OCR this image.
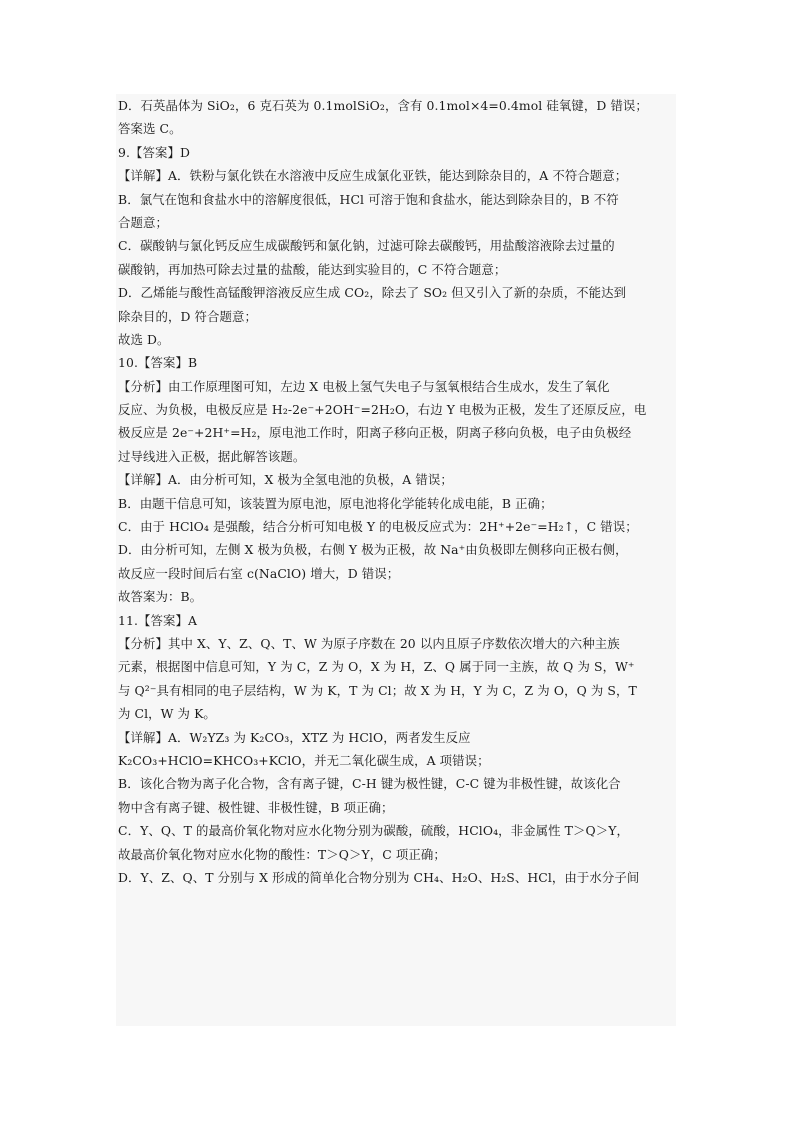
D．石英晶体为 SiO₂，6 克石英为 0.1molSiO₂，含有 0.1mol×4=0.4mol 硅氧键，D 错误；
答案选 C。
9.【答案】D
【详解】A．铁粉与氯化铁在水溶液中反应生成氯化亚铁，能达到除杂目的，A 不符合题意；
B．氯气在饱和食盐水中的溶解度很低，HCl 可溶于饱和食盐水，能达到除杂目的，B 不符
合题意；
C．碳酸钠与氯化钙反应生成碳酸钙和氯化钠，过滤可除去碳酸钙，用盐酸溶液除去过量的
碳酸钠，再加热可除去过量的盐酸，能达到实验目的，C 不符合题意；
D．乙烯能与酸性高锰酸钾溶液反应生成 CO₂，除去了 SO₂ 但又引入了新的杂质，不能达到
除杂目的，D 符合题意；
故选 D。
10.【答案】B
【分析】由工作原理图可知，左边 X 电极上氢气失电子与氢氧根结合生成水，发生了氧化
反应、为负极，电极反应是 H₂-2e⁻+2OH⁻=2H₂O，右边 Y 电极为正极，发生了还原反应，电
极反应是 2e⁻+2H⁺=H₂，原电池工作时，阳离子移向正极，阴离子移向负极，电子由负极经
过导线进入正极，据此解答该题。
【详解】A．由分析可知，X 极为全氢电池的负极，A 错误；
B．由题干信息可知，该装置为原电池，原电池将化学能转化成电能，B 正确；
C．由于 HClO₄ 是强酸，结合分析可知电极 Y 的电极反应式为：2H⁺+2e⁻=H₂↑，C 错误；
D．由分析可知，左侧 X 极为负极，右侧 Y 极为正极，故 Na⁺由负极即左侧移向正极右侧，
故反应一段时间后右室 c(NaClO) 增大，D 错误；
故答案为：B。
11.【答案】A
【分析】其中 X、Y、Z、Q、T、W 为原子序数在 20 以内且原子序数依次增大的六种主族
元素，根据图中信息可知，Y 为 C，Z 为 O，X 为 H，Z、Q 属于同一主族，故 Q 为 S，W⁺
与 Q²⁻具有相同的电子层结构，W 为 K，T 为 Cl；故 X 为 H，Y 为 C，Z 为 O，Q 为 S，T
为 Cl，W 为 K。
【详解】A．W₂YZ₃ 为 K₂CO₃，XTZ 为 HClO，两者发生反应
K₂CO₃+HClO=KHCO₃+KClO，并无二氧化碳生成，A 项错误；
B．该化合物为离子化合物，含有离子键，C-H 键为极性键，C-C 键为非极性键，故该化合
物中含有离子键、极性键、非极性键，B 项正确；
C．Y、Q、T 的最高价氧化物对应水化物分别为碳酸，硫酸，HClO₄，非金属性 T＞Q＞Y，
故最高价氧化物对应水化物的酸性：T＞Q＞Y，C 项正确；
D．Y、Z、Q、T 分别与 X 形成的简单化合物分别为 CH₄、H₂O、H₂S、HCl，由于水分子间
